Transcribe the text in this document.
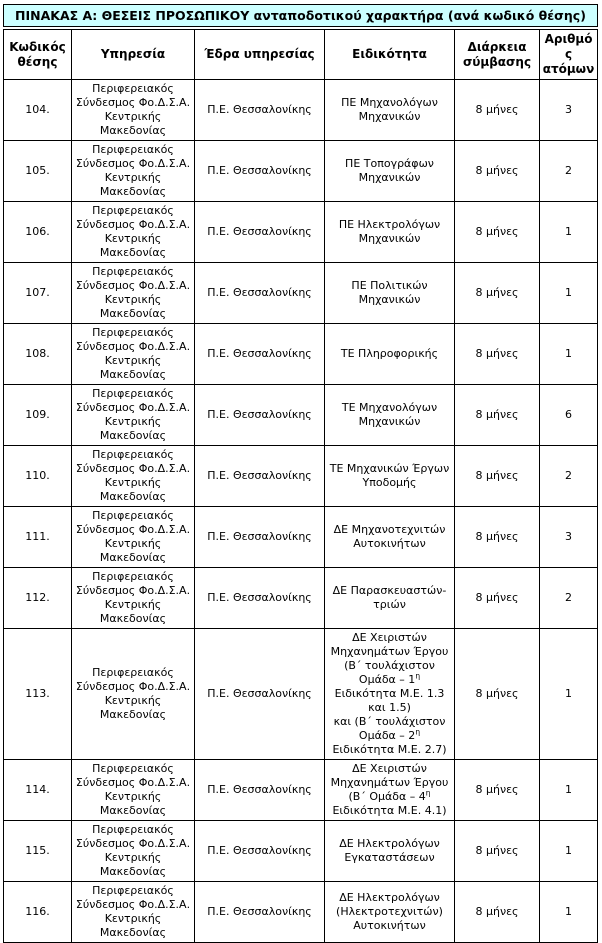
ΠΙΝΑΚΑΣ Α: ΘΕΣΕΙΣ ΠΡΟΣΩΠΙΚΟΥ ανταποδοτικού χαρακτήρα (ανά κωδικό θέσης)
Κωδικός θέσης	Υπηρεσία	Έδρα υπηρεσίας	Ειδικότητα	Διάρκεια σύμβασης	Αριθμός ατόμων
104.	Περιφερειακός Σύνδεσμος Φο.Δ.Σ.Α. Κεντρικής Μακεδονίας	Π.Ε. Θεσσαλονίκης	ΠΕ Μηχανολόγων Μηχανικών	8 μήνες	3
105.	Περιφερειακός Σύνδεσμος Φο.Δ.Σ.Α. Κεντρικής Μακεδονίας	Π.Ε. Θεσσαλονίκης	ΠΕ Τοπογράφων Μηχανικών	8 μήνες	2
106.	Περιφερειακός Σύνδεσμος Φο.Δ.Σ.Α. Κεντρικής Μακεδονίας	Π.Ε. Θεσσαλονίκης	ΠΕ Ηλεκτρολόγων Μηχανικών	8 μήνες	1
107.	Περιφερειακός Σύνδεσμος Φο.Δ.Σ.Α. Κεντρικής Μακεδονίας	Π.Ε. Θεσσαλονίκης	ΠΕ Πολιτικών Μηχανικών	8 μήνες	1
108.	Περιφερειακός Σύνδεσμος Φο.Δ.Σ.Α. Κεντρικής Μακεδονίας	Π.Ε. Θεσσαλονίκης	ΤΕ Πληροφορικής	8 μήνες	1
109.	Περιφερειακός Σύνδεσμος Φο.Δ.Σ.Α. Κεντρικής Μακεδονίας	Π.Ε. Θεσσαλονίκης	ΤΕ Μηχανολόγων Μηχανικών	8 μήνες	6
110.	Περιφερειακός Σύνδεσμος Φο.Δ.Σ.Α. Κεντρικής Μακεδονίας	Π.Ε. Θεσσαλονίκης	ΤΕ Μηχανικών Έργων Υποδομής	8 μήνες	2
111.	Περιφερειακός Σύνδεσμος Φο.Δ.Σ.Α. Κεντρικής Μακεδονίας	Π.Ε. Θεσσαλονίκης	ΔΕ Μηχανοτεχνιτών Αυτοκινήτων	8 μήνες	3
112.	Περιφερειακός Σύνδεσμος Φο.Δ.Σ.Α. Κεντρικής Μακεδονίας	Π.Ε. Θεσσαλονίκης	ΔΕ Παρασκευαστών-τριών	8 μήνες	2
113.	Περιφερειακός Σύνδεσμος Φο.Δ.Σ.Α. Κεντρικής Μακεδονίας	Π.Ε. Θεσσαλονίκης	ΔΕ Χειριστών Μηχανημάτων Έργου (Β΄ τουλάχιστον Ομάδα – $1^\eta$ Ειδικότητα Μ.Ε. 1.3 και 1.5)
και (Β΄ τουλάχιστον Ομάδα – $2^\eta$ Ειδικότητα Μ.Ε. 2.7)	8 μήνες	1
114.	Περιφερειακός Σύνδεσμος Φο.Δ.Σ.Α. Κεντρικής Μακεδονίας	Π.Ε. Θεσσαλονίκης	ΔΕ Χειριστών Μηχανημάτων Έργου (Β΄ Ομάδα – $4^\eta$ Ειδικότητα Μ.Ε. 4.1)	8 μήνες	1
115.	Περιφερειακός Σύνδεσμος Φο.Δ.Σ.Α. Κεντρικής Μακεδονίας	Π.Ε. Θεσσαλονίκης	ΔΕ Ηλεκτρολόγων Εγκαταστάσεων	8 μήνες	1
116.	Περιφερειακός Σύνδεσμος Φο.Δ.Σ.Α. Κεντρικής Μακεδονίας	Π.Ε. Θεσσαλονίκης	ΔΕ Ηλεκτρολόγων (Ηλεκτροτεχνιτών) Αυτοκινήτων	8 μήνες	1
